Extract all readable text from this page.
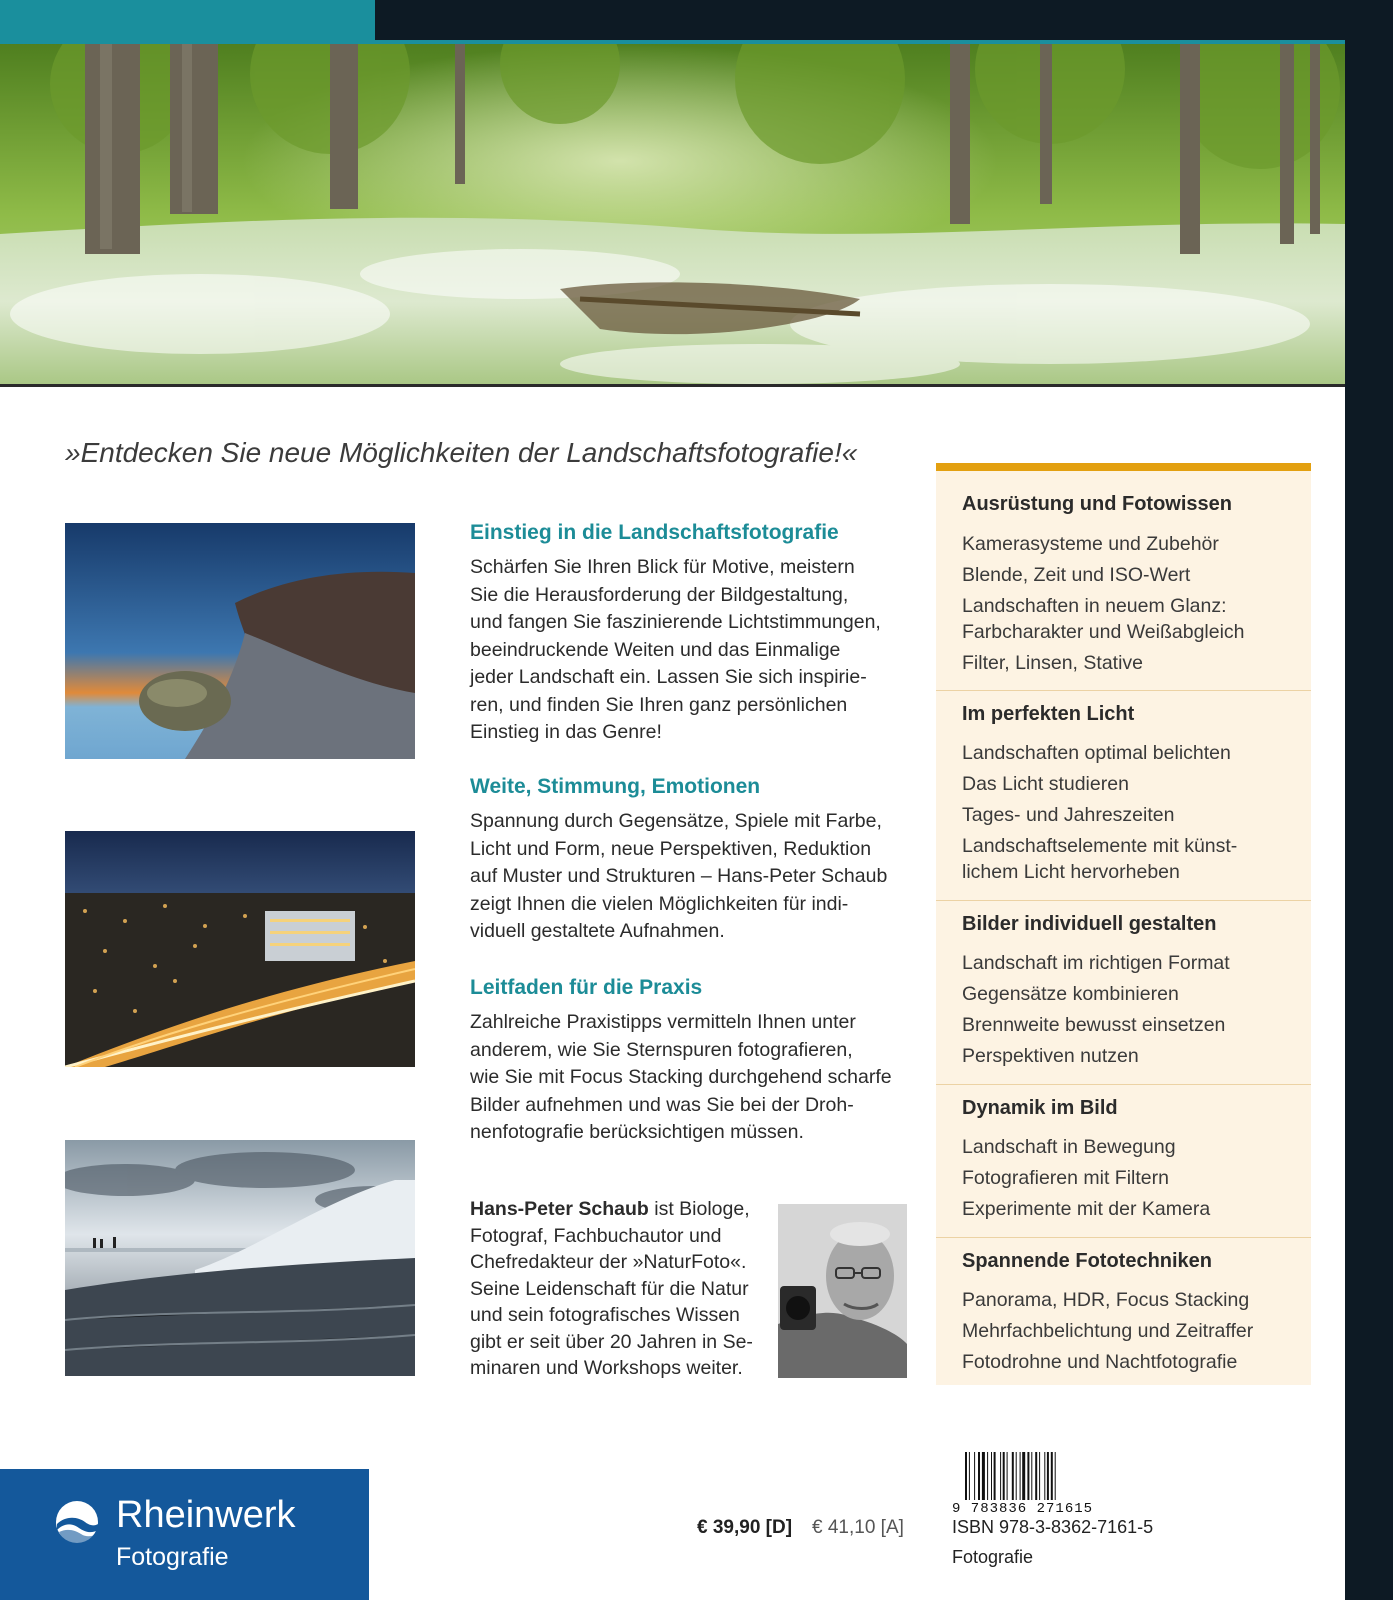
»Entdecken Sie neue Möglichkeiten der Landschaftsfotografie!«
Einstieg in die Landschaftsfotografie
Schärfen Sie Ihren Blick für Motive, meistern
Sie die Herausforderung der Bildgestaltung,
und fangen Sie faszinierende Lichtstimmungen,
beeindruckende Weiten und das Einmalige
jeder Landschaft ein. Lassen Sie sich inspirie-
ren, und finden Sie Ihren ganz persönlichen
Einstieg in das Genre!
Weite, Stimmung, Emotionen
Spannung durch Gegensätze, Spiele mit Farbe,
Licht und Form, neue Perspektiven, Reduktion
auf Muster und Strukturen – Hans-Peter Schaub
zeigt Ihnen die vielen Möglichkeiten für indi-
viduell gestaltete Aufnahmen.
Leitfaden für die Praxis
Zahlreiche Praxistipps vermitteln Ihnen unter
anderem, wie Sie Sternspuren fotografieren,
wie Sie mit Focus Stacking durchgehend scharfe
Bilder aufnehmen und was Sie bei der Droh-
nenfotografie berücksichtigen müssen.
Hans-Peter Schaub ist Biologe,
Fotograf, Fachbuchautor und
Chefredakteur der »NaturFoto«.
Seine Leidenschaft für die Natur
und sein fotografisches Wissen
gibt er seit über 20 Jahren in Se-
minaren und Workshops weiter.
Ausrüstung und Fotowissen
Kamerasysteme und Zubehör
Blende, Zeit und ISO-Wert
Landschaften in neuem Glanz:
Farbcharakter und Weißabgleich
Filter, Linsen, Stative
Im perfekten Licht
Landschaften optimal belichten
Das Licht studieren
Tages- und Jahreszeiten
Landschaftselemente mit künst-
lichem Licht hervorheben
Bilder individuell gestalten
Landschaft im richtigen Format
Gegensätze kombinieren
Brennweite bewusst einsetzen
Perspektiven nutzen
Dynamik im Bild
Landschaft in Bewegung
Fotografieren mit Filtern
Experimente mit der Kamera
Spannende Fototechniken
Panorama, HDR, Focus Stacking
Mehrfachbelichtung und Zeitraffer
Fotodrohne und Nachtfotografie
Rheinwerk
Fotografie
€ 39,90 [D] € 41,10 [A]
9 783836 271615
ISBN 978-3-8362-7161-5
Fotografie
